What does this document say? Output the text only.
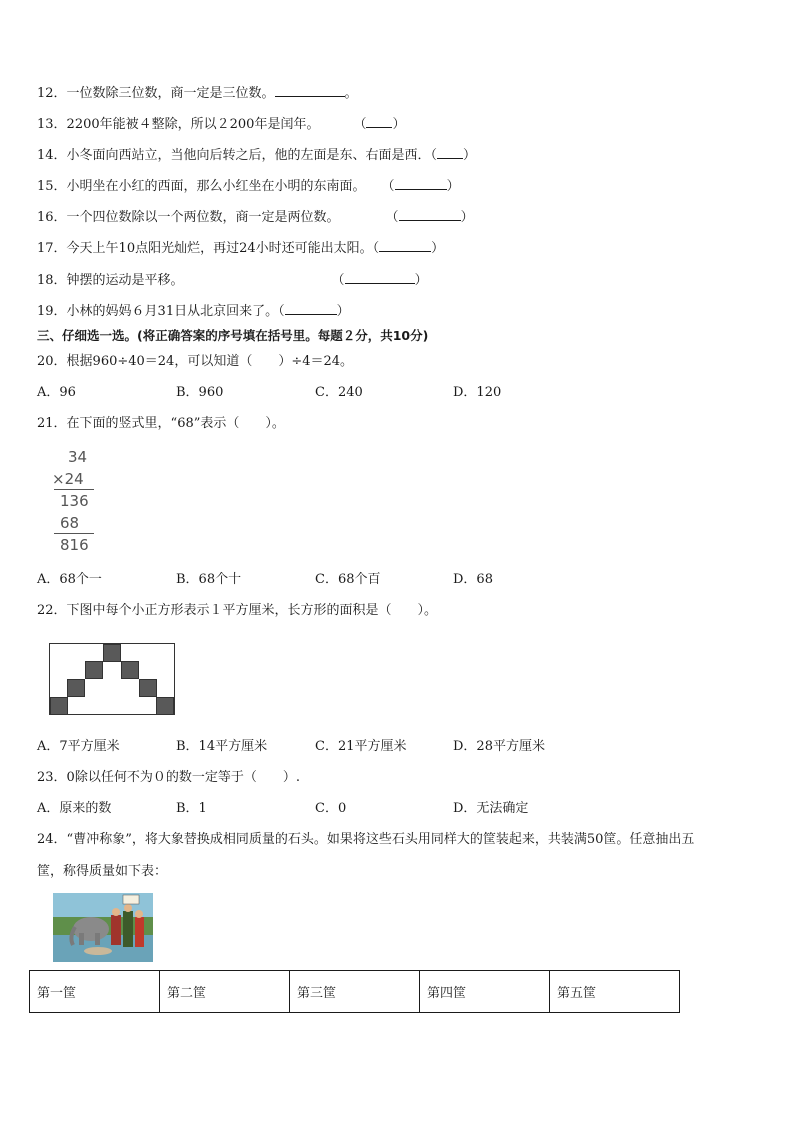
12．一位数除三位数，商一定是三位数。	。
13．2200年能被４整除，所以２200年是闰年。	（ ）
14．小冬面向西站立，当他向后转之后，他的左面是东、右面是西．（ ）
15．小明坐在小红的西面，那么小红坐在小明的东南面。 （	）
16．一个四位数除以一个两位数，商一定是两位数。	（	）
17．今天上午10点阳光灿烂，再过24小时还可能出太阳。（	）
18．钟摆的运动是平移。	（	）
19．小林的妈妈６月31日从北京回来了。（	）
三、仔细选一选。(将正确答案的序号填在括号里。每题２分，共10分)
20．根据960÷40＝24，可以知道（　　）÷4＝24。
A．96	B．960	C．240	D．120
21．在下面的竖式里，“68”表示（　　）。
34
×24
136
68
816
A．68个一	B．68个十	C．68个百	D．68
22．下图中每个小正方形表示１平方厘米，长方形的面积是（　　）。
A．7平方厘米	B．14平方厘米	C．21平方厘米	D．28平方厘米
23．0除以任何不为０的数一定等于（　　）.
A．原来的数	B．1	C．0	D．无法确定
24．“曹冲称象”，将大象替换成相同质量的石头。如果将这些石头用同样大的筐装起来，共装满50筐。任意抽出五
筐，称得质量如下表：
第一筐	第二筐	第三筐	第四筐	第五筐
